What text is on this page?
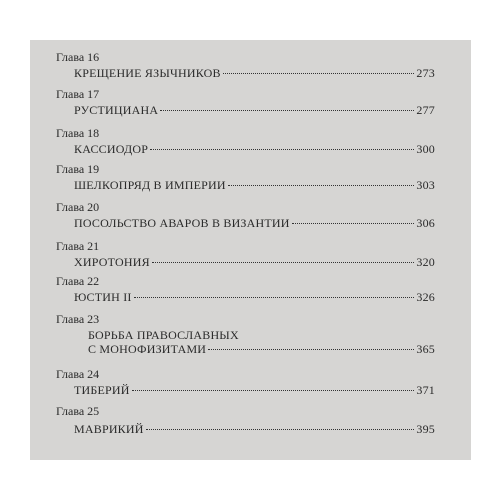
Глава 16
КРЕЩЕНИЕ ЯЗЫЧНИКОВ	273
Глава 17
РУСТИЦИАНА	277
Глава 18
КАССИОДОР	300
Глава 19
ШЕЛКОПРЯД В ИМПЕРИИ	303
Глава 20
ПОСОЛЬСТВО АВАРОВ В ВИЗАНТИИ	306
Глава 21
ХИРОТОНИЯ	320
Глава 22
ЮСТИН II	326
Глава 23
БОРЬБА ПРАВОСЛАВНЫХ
С МОНОФИЗИТАМИ	365
Глава 24
ТИБЕРИЙ	371
Глава 25
МАВРИКИЙ	395
